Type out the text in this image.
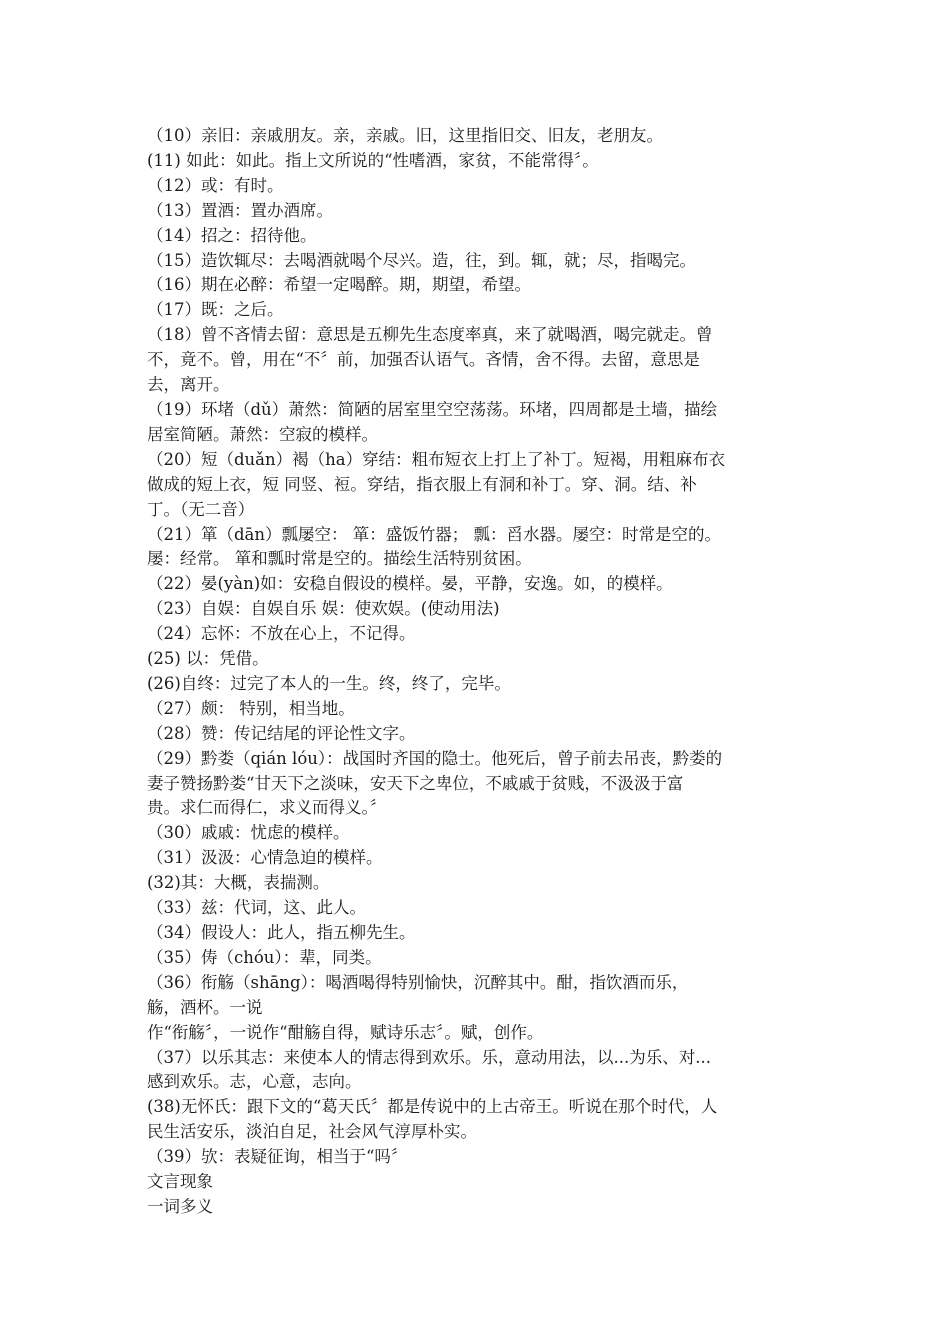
（10）亲旧：亲戚朋友。亲，亲戚。旧，这里指旧交、旧友，老朋友。
(11) 如此：如此。指上文所说的“性嗜酒，家贫，不能常得〞。
（12）或：有时。
（13）置酒：置办酒席。
（14）招之：招待他。
（15）造饮辄尽：去喝酒就喝个尽兴。造，往，到。辄，就；尽，指喝完。
（16）期在必醉：希望一定喝醉。期，期望，希望。
（17）既：之后。
（18）曾不吝情去留：意思是五柳先生态度率真，来了就喝酒，喝完就走。曾
不，竟不。曾，用在“不〞前，加强否认语气。吝情，舍不得。去留，意思是
去，离开。
（19）环堵（dǔ）萧然：简陋的居室里空空荡荡。环堵，四周都是土墙，描绘
居室简陋。萧然：空寂的模样。
（20）短（duǎn）褐（ha）穿结：粗布短衣上打上了补丁。短褐，用粗麻布衣
做成的短上衣，短 同竖、裋。穿结，指衣服上有洞和补丁。穿、洞。结、补
丁。（无二音）
（21）箪（dān）瓢屡空： 箪：盛饭竹器； 瓢：舀水器。屡空：时常是空的。
屡：经常。 箪和瓢时常是空的。描绘生活特别贫困。
（22）晏(yàn)如：安稳自假设的模样。晏，平静，安逸。如，的模样。
（23）自娱：自娱自乐 娱：使欢娱。(使动用法)
（24）忘怀：不放在心上，不记得。
(25) 以：凭借。
(26)自终：过完了本人的一生。终，终了，完毕。
（27）颇： 特别，相当地。
（28）赞：传记结尾的评论性文字。
（29）黔娄（qián lóu）：战国时齐国的隐士。他死后，曾子前去吊丧，黔娄的
妻子赞扬黔娄“甘天下之淡味，安天下之卑位，不戚戚于贫贱，不汲汲于富
贵。求仁而得仁，求义而得义。〞
（30）戚戚：忧虑的模样。
（31）汲汲：心情急迫的模样。
(32)其：大概，表揣测。
（33）兹：代词，这、此人。
（34）假设人：此人，指五柳先生。
（35）俦（chóu）：辈，同类。
（36）衔觞（shāng）：喝酒喝得特别愉快，沉醉其中。酣，指饮酒而乐，
觞，酒杯。一说
作“衔觞〞，一说作“酣觞自得，赋诗乐志〞。赋，创作。
（37）以乐其志：来使本人的情志得到欢乐。乐，意动用法，以...为乐、对...
感到欢乐。志，心意，志向。
(38)无怀氏：跟下文的“葛天氏〞都是传说中的上古帝王。听说在那个时代，人
民生活安乐，淡泊自足，社会风气淳厚朴实。
（39）欤：表疑征询，相当于“吗〞
文言现象
一词多义
